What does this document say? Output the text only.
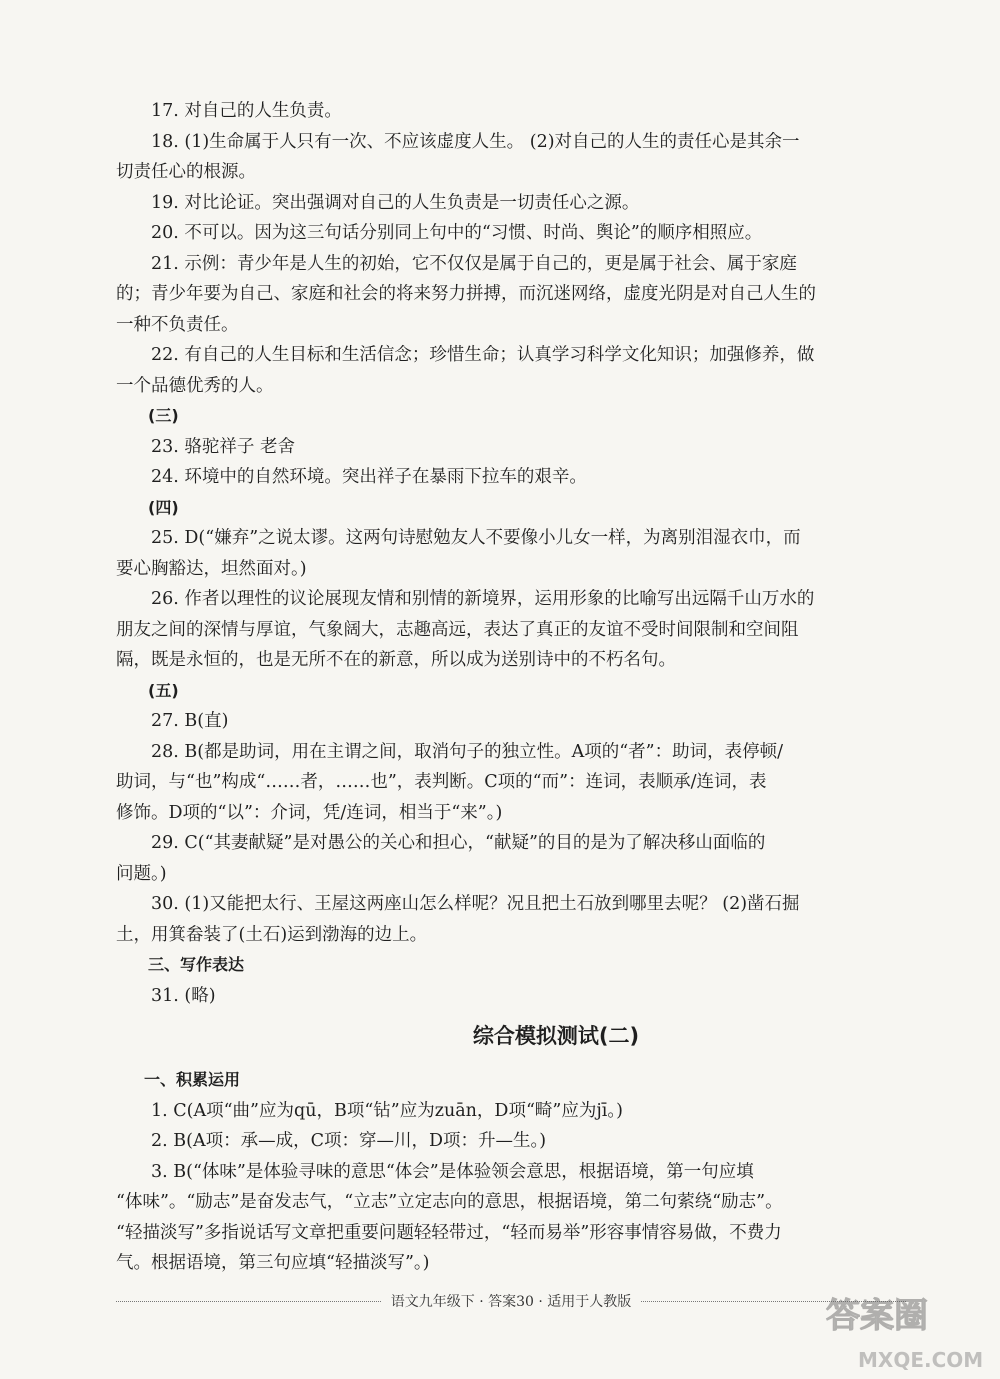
17. 对自己的人生负责。
18. (1)生命属于人只有一次、不应该虚度人生。 (2)对自己的人生的责任心是其余一
切责任心的根源。
19. 对比论证。突出强调对自己的人生负责是一切责任心之源。
20. 不可以。因为这三句话分别同上句中的“习惯、时尚、舆论”的顺序相照应。
21. 示例：青少年是人生的初始，它不仅仅是属于自己的，更是属于社会、属于家庭
的；青少年要为自己、家庭和社会的将来努力拼搏，而沉迷网络，虚度光阴是对自己人生的
一种不负责任。
22. 有自己的人生目标和生活信念；珍惜生命；认真学习科学文化知识；加强修养，做
一个品德优秀的人。
(三)
23. 骆驼祥子 老舍
24. 环境中的自然环境。突出祥子在暴雨下拉车的艰辛。
(四)
25. D(“嫌弃”之说太谬。这两句诗慰勉友人不要像小儿女一样，为离别泪湿衣巾，而
要心胸豁达，坦然面对。)
26. 作者以理性的议论展现友情和别情的新境界，运用形象的比喻写出远隔千山万水的
朋友之间的深情与厚谊，气象阔大，志趣高远，表达了真正的友谊不受时间限制和空间阻
隔，既是永恒的，也是无所不在的新意，所以成为送别诗中的不朽名句。
(五)
27. B(直)
28. B(都是助词，用在主谓之间，取消句子的独立性。A项的“者”：助词，表停顿/
助词，与“也”构成“……者，……也”，表判断。C项的“而”：连词，表顺承/连词，表
修饰。D项的“以”：介词，凭/连词，相当于“来”。)
29. C(“其妻献疑”是对愚公的关心和担心，“献疑”的目的是为了解决移山面临的
问题。)
30. (1)又能把太行、王屋这两座山怎么样呢？况且把土石放到哪里去呢？ (2)凿石掘
土，用箕畚装了(土石)运到渤海的边上。
三、写作表达
31. (略)
综合模拟测试(二)
一、积累运用
1. C(A项“曲”应为qū，B项“钻”应为zuān，D项“畸”应为jī。)
2. B(A项：承—成，C项：穿—川，D项：升—生。)
3. B(“体味”是体验寻味的意思“体会”是体验领会意思，根据语境，第一句应填
“体味”。“励志”是奋发志气，“立志”立定志向的意思，根据语境，第二句萦绕“励志”。
“轻描淡写”多指说话写文章把重要问题轻轻带过，“轻而易举”形容事情容易做，不费力
气。根据语境，第三句应填“轻描淡写”。)
语文九年级下 · 答案30 · 适用于人教版	答案圈
MXQE.COM
